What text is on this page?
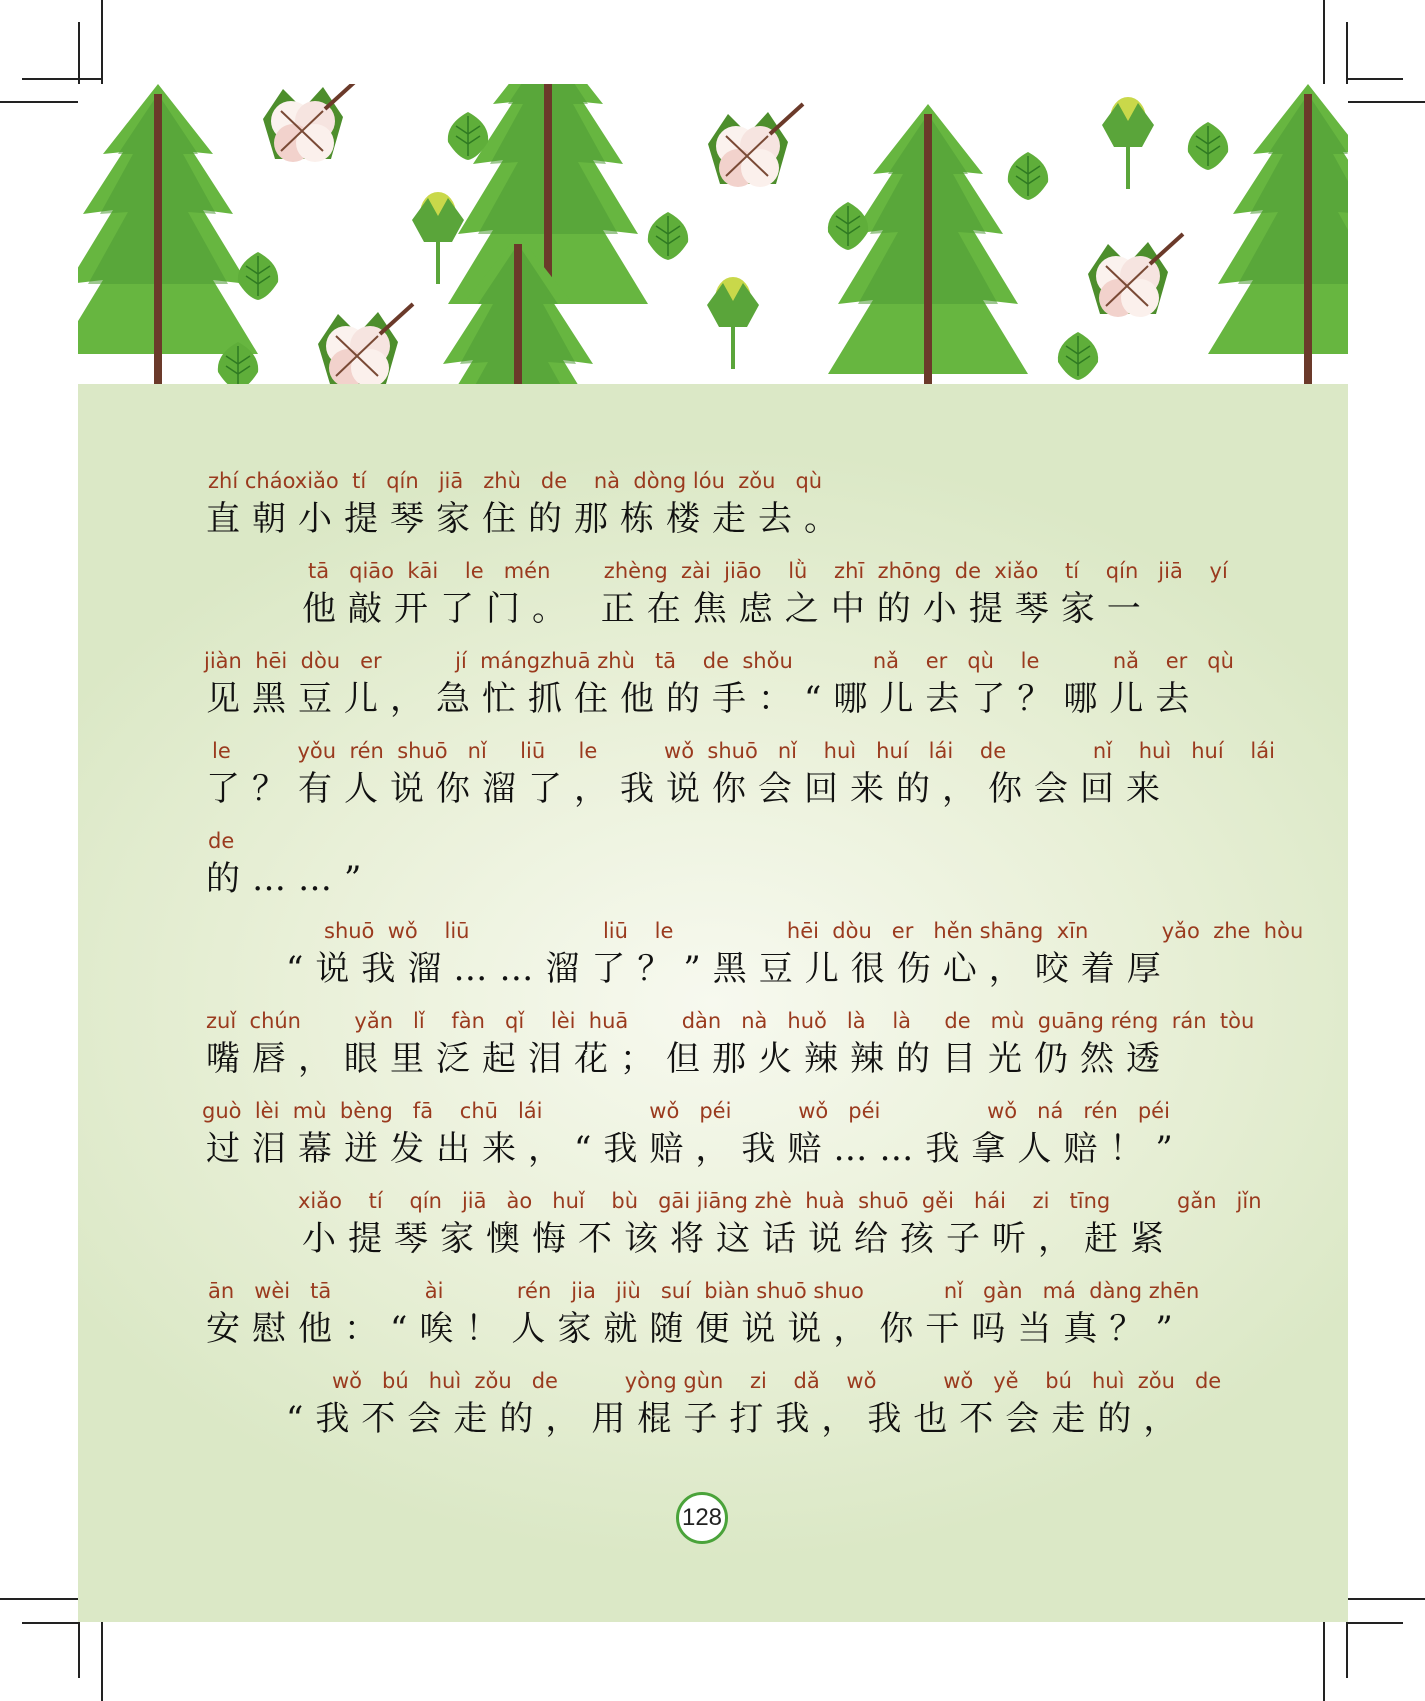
zhí cháoxiǎo  tí   qín   jiā   zhù   de    nà  dòng lóu  zǒu   qù
直朝小提琴家住的那栋楼走去。
tā   qiāo  kāi    le   mén        zhèng  zài  jiāo    lǜ    zhī  zhōng  de  xiǎo    tí    qín   jiā    yí
他敲开了门。 正在焦虑之中的小提琴家一
jiàn  hēi  dòu   er           jí  mángzhuā zhù   tā    de  shǒu            nǎ    er   qù    le           nǎ    er   qù
见黑豆儿，急忙抓住他的手：“哪儿去了？哪儿去
le          yǒu  rén  shuō   nǐ     liū     le          wǒ  shuō   nǐ    huì   huí   lái    de             nǐ    huì   huí    lái
了？有人说你溜了，我说你会回来的，你会回来
de
的……”
shuō  wǒ    liū                    liū    le                 hēi  dòu   er   hěn shāng  xīn           yǎo  zhe  hòu
“说我溜……溜了？”黑豆儿很伤心，咬着厚
zuǐ  chún        yǎn   lǐ    fàn   qǐ    lèi  huā        dàn   nà   huǒ   là    là     de   mù  guāng réng  rán  tòu
嘴唇，眼里泛起泪花；但那火辣辣的目光仍然透
guò  lèi  mù  bèng   fā    chū   lái                wǒ   péi          wǒ   péi                wǒ   ná   rén   péi
过泪幕迸发出来，“我赔，我赔……我拿人赔！”
xiǎo    tí    qín   jiā   ào   huǐ    bù   gāi jiāng zhè  huà  shuō  gěi   hái    zi   tīng          gǎn   jǐn
小提琴家懊悔不该将这话说给孩子听，赶紧
ān   wèi   tā              ài           rén   jia   jiù   suí  biàn shuō shuo            nǐ   gàn   má  dàng zhēn
安慰他：“唉！人家就随便说说，你干吗当真？”
wǒ   bú   huì  zǒu   de          yòng gùn    zi    dǎ    wǒ          wǒ   yě    bú   huì  zǒu   de
“我不会走的，用棍子打我，我也不会走的，
128
